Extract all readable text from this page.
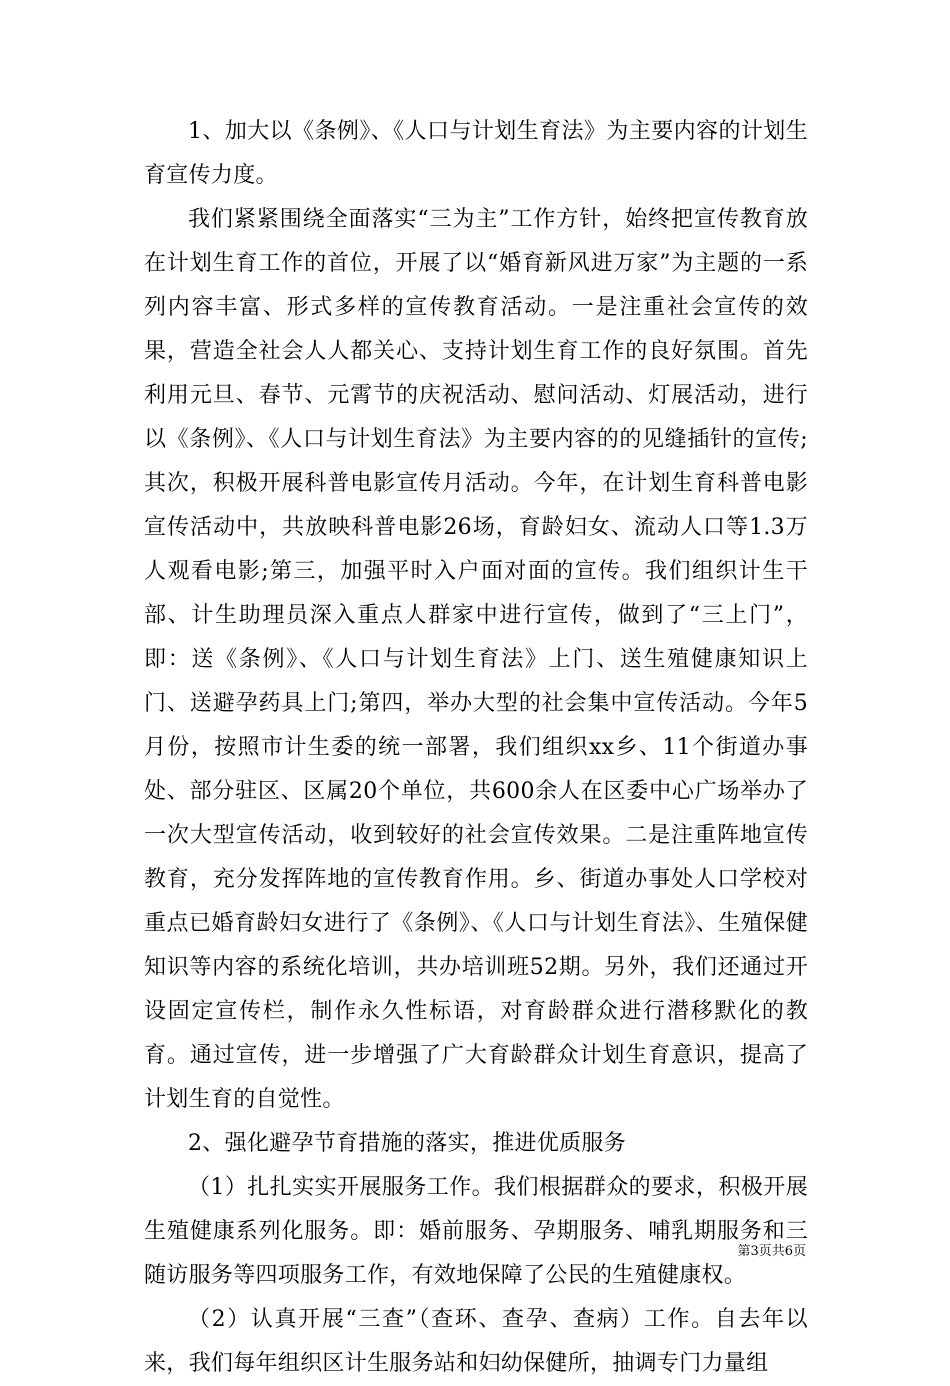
1、加大以《条例》、《人口与计划生育法》为主要内容的计划生育宣传力度。

我们紧紧围绕全面落实“三为主”工作方针，始终把宣传教育放在计划生育工作的首位，开展了以“婚育新风进万家”为主题的一系列内容丰富、形式多样的宣传教育活动。一是注重社会宣传的效果，营造全社会人人都关心、支持计划生育工作的良好氛围。首先利用元旦、春节、元霄节的庆祝活动、慰问活动、灯展活动，进行以《条例》、《人口与计划生育法》为主要内容的的见缝插针的宣传;其次，积极开展科普电影宣传月活动。今年，在计划生育科普电影宣传活动中，共放映科普电影26场，育龄妇女、流动人口等1.3万人观看电影;第三，加强平时入户面对面的宣传。我们组织计生干部、计生助理员深入重点人群家中进行宣传，做到了“三上门”，即：送《条例》、《人口与计划生育法》上门、送生殖健康知识上门、送避孕药具上门;第四，举办大型的社会集中宣传活动。今年5月份，按照市计生委的统一部署，我们组织xx乡、11个街道办事处、部分驻区、区属20个单位，共600余人在区委中心广场举办了一次大型宣传活动，收到较好的社会宣传效果。二是注重阵地宣传教育，充分发挥阵地的宣传教育作用。乡、街道办事处人口学校对重点已婚育龄妇女进行了《条例》、《人口与计划生育法》、生殖保健知识等内容的系统化培训，共办培训班52期。另外，我们还通过开设固定宣传栏，制作永久性标语，对育龄群众进行潜移默化的教育。通过宣传，进一步增强了广大育龄群众计划生育意识，提高了计划生育的自觉性。

2、强化避孕节育措施的落实，推进优质服务

（1）扎扎实实开展服务工作。我们根据群众的要求，积极开展生殖健康系列化服务。即：婚前服务、孕期服务、哺乳期服务和三随访服务等四项服务工作，有效地保障了公民的生殖健康权。

（2）认真开展“三查”（查环、查孕、查病）工作。自去年以来，我们每年组织区计生服务站和妇幼保健所，抽调专门力量组

第3页共6页
